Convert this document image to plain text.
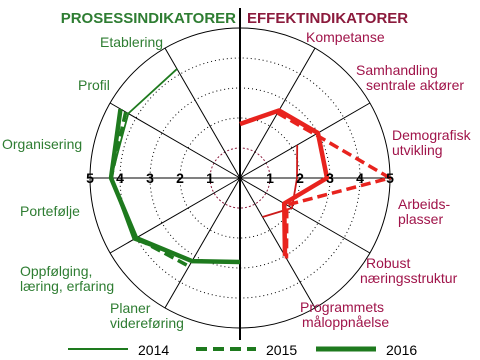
1	1
2	2
3	3
4	4
5	5
Etablering
Profil
Organisering
Portefølje
Oppfølging, læring, erfaring
Planer videreføring
Kompetanse
Samhandling sentrale aktører
Demografisk utvikling
Arbeids-plasser
Robust næringsstruktur
Programmets måloppnåelse
PROSESSINDIKATORER EFFEKTINDIKATORER
2014	2015	2016
